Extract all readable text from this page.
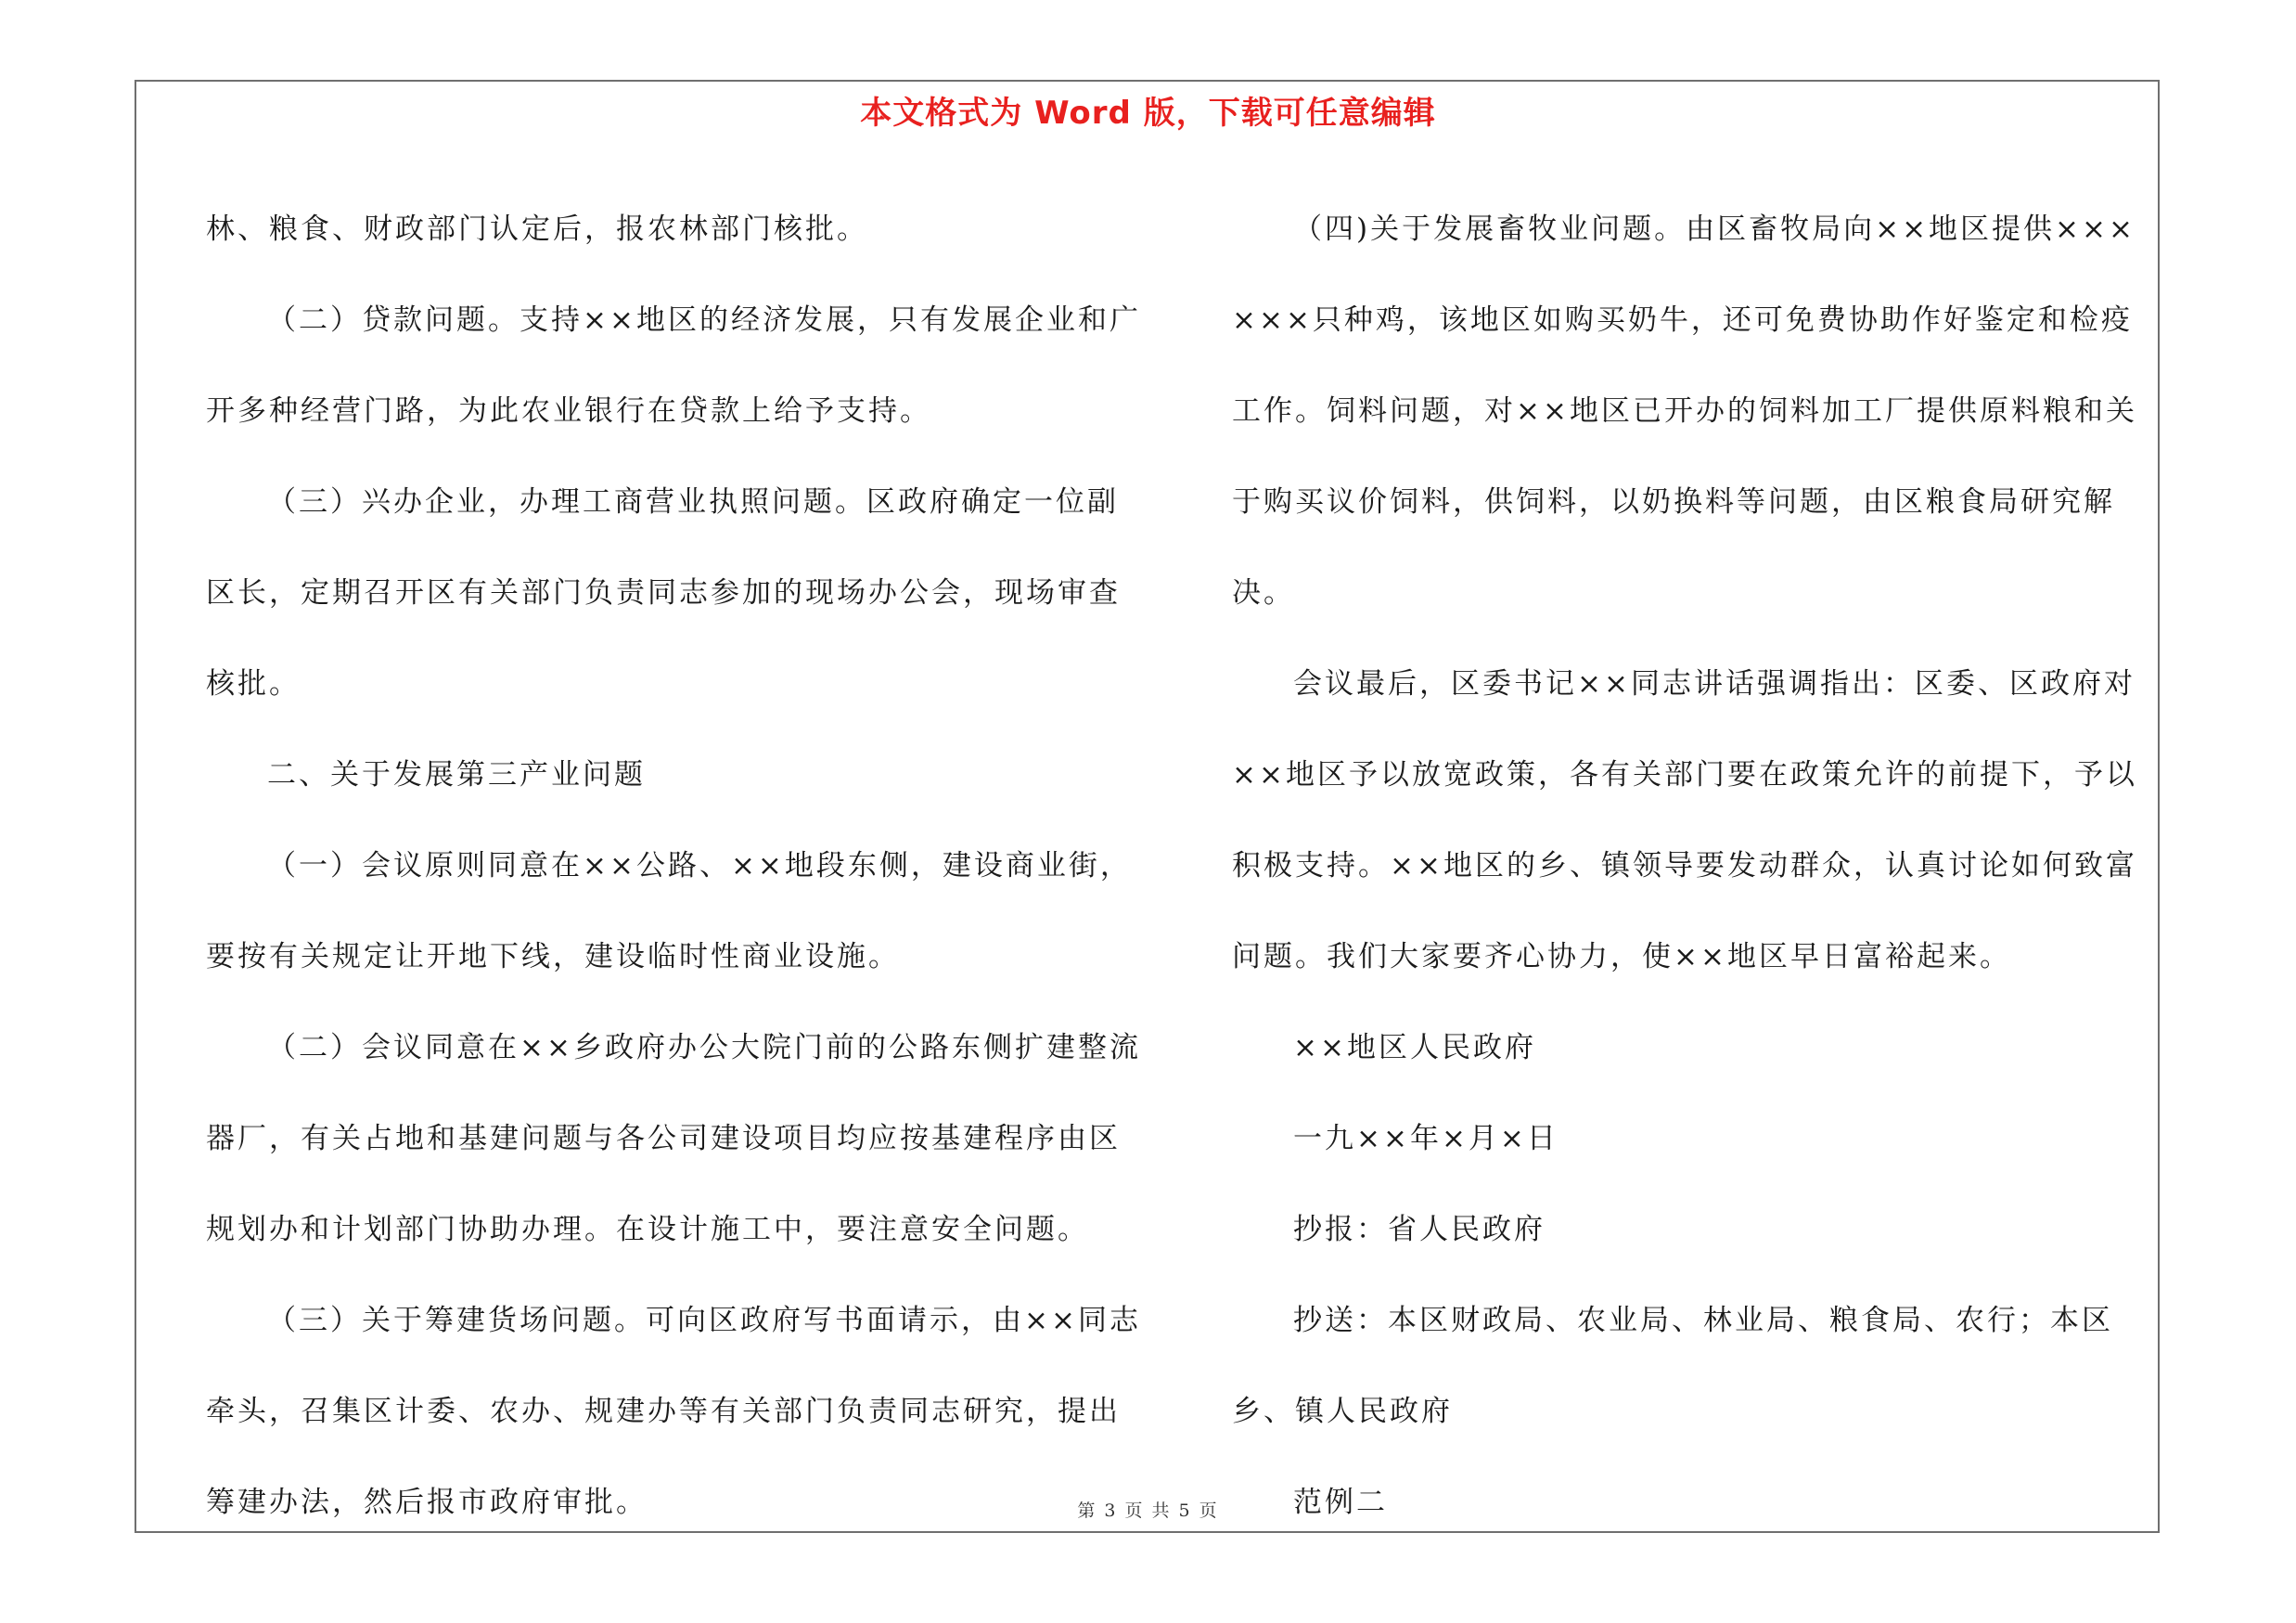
本文格式为 Word 版，下载可任意编辑

林、粮食、财政部门认定后，报农林部门核批。

（二）贷款问题。支持××地区的经济发展，只有发展企业和广开多种经营门路，为此农业银行在贷款上给予支持。

（三）兴办企业，办理工商营业执照问题。区政府确定一位副区长，定期召开区有关部门负责同志参加的现场办公会，现场审查核批。

二、关于发展第三产业问题

（一）会议原则同意在××公路、××地段东侧，建设商业街，要按有关规定让开地下线，建设临时性商业设施。

（二）会议同意在××乡政府办公大院门前的公路东侧扩建整流器厂，有关占地和基建问题与各公司建设项目均应按基建程序由区规划办和计划部门协助办理。在设计施工中，要注意安全问题。

（三）关于筹建货场问题。可向区政府写书面请示，由××同志牵头，召集区计委、农办、规建办等有关部门负责同志研究，提出筹建办法，然后报市政府审批。

（四)关于发展畜牧业问题。由区畜牧局向××地区提供××××××只种鸡，该地区如购买奶牛，还可免费协助作好鉴定和检疫工作。饲料问题，对××地区已开办的饲料加工厂提供原料粮和关于购买议价饲料，供饲料，以奶换料等问题，由区粮食局研究解决。

会议最后，区委书记××同志讲话强调指出：区委、区政府对××地区予以放宽政策，各有关部门要在政策允许的前提下，予以积极支持。××地区的乡、镇领导要发动群众，认真讨论如何致富问题。我们大家要齐心协力，使××地区早日富裕起来。

××地区人民政府

一九××年×月×日

抄报：省人民政府

抄送：本区财政局、农业局、林业局、粮食局、农行；本区乡、镇人民政府

范例二

第 3 页 共 5 页
